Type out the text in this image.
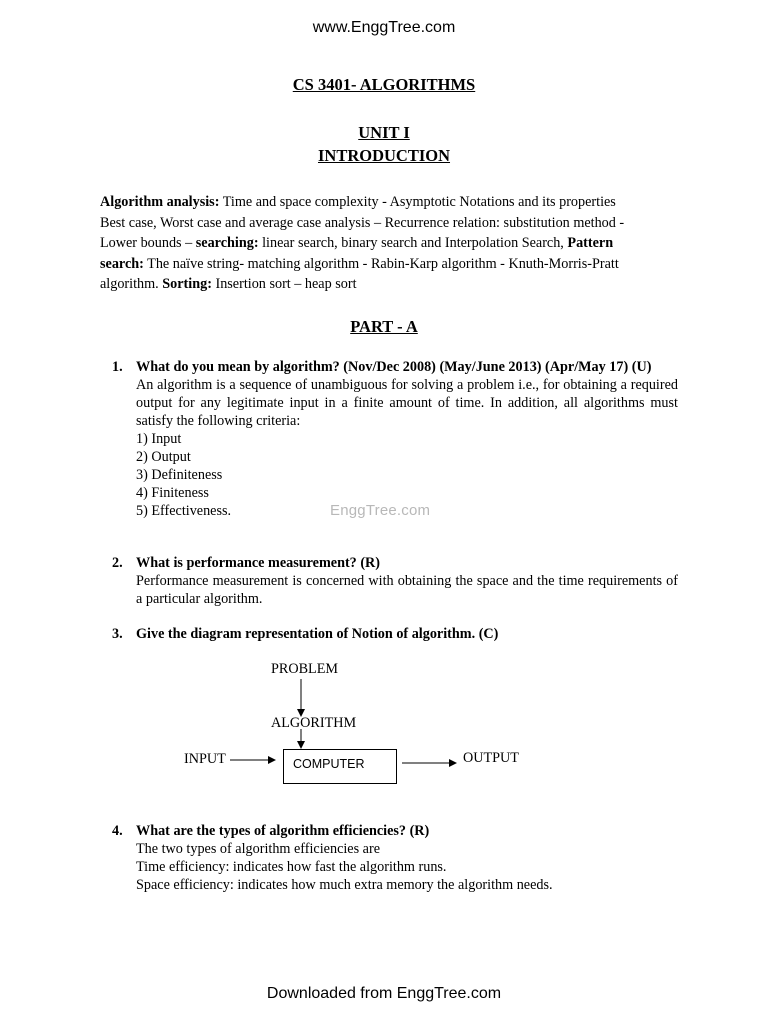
www.EnggTree.com
CS 3401- ALGORITHMS
UNIT I
INTRODUCTION

Algorithm analysis: Time and space complexity - Asymptotic Notations and its properties

Best case, Worst case and average case analysis – Recurrence relation: substitution method -

Lower bounds – searching: linear search, binary search and Interpolation Search, Pattern

search: The naïve string- matching algorithm - Rabin-Karp algorithm - Knuth-Morris-Pratt

algorithm. Sorting: Insertion sort – heap sort

PART - A
1. What do you mean by algorithm? (Nov/Dec 2008) (May/June 2013) (Apr/May 17) (U)
An algorithm is a sequence of unambiguous for solving a problem i.e., for obtaining a required output for any legitimate input in a finite amount of time. In addition, all algorithms must satisfy the following criteria:
1) Input
2) Output
3) Definiteness
4) Finiteness
5) Effectiveness.	EnggTree.com
2. What is performance measurement? (R)
Performance measurement is concerned with obtaining the space and the time requirements of a particular algorithm.
3. Give the diagram representation of Notion of algorithm. (C)
PROBLEM
ALGORITHM
INPUT	OUTPUT
COMPUTER
4. What are the types of algorithm efficiencies? (R)

The two types of algorithm efficiencies are

Time efficiency: indicates how fast the algorithm runs.

Space efficiency: indicates how much extra memory the algorithm needs.

Downloaded from EnggTree.com
